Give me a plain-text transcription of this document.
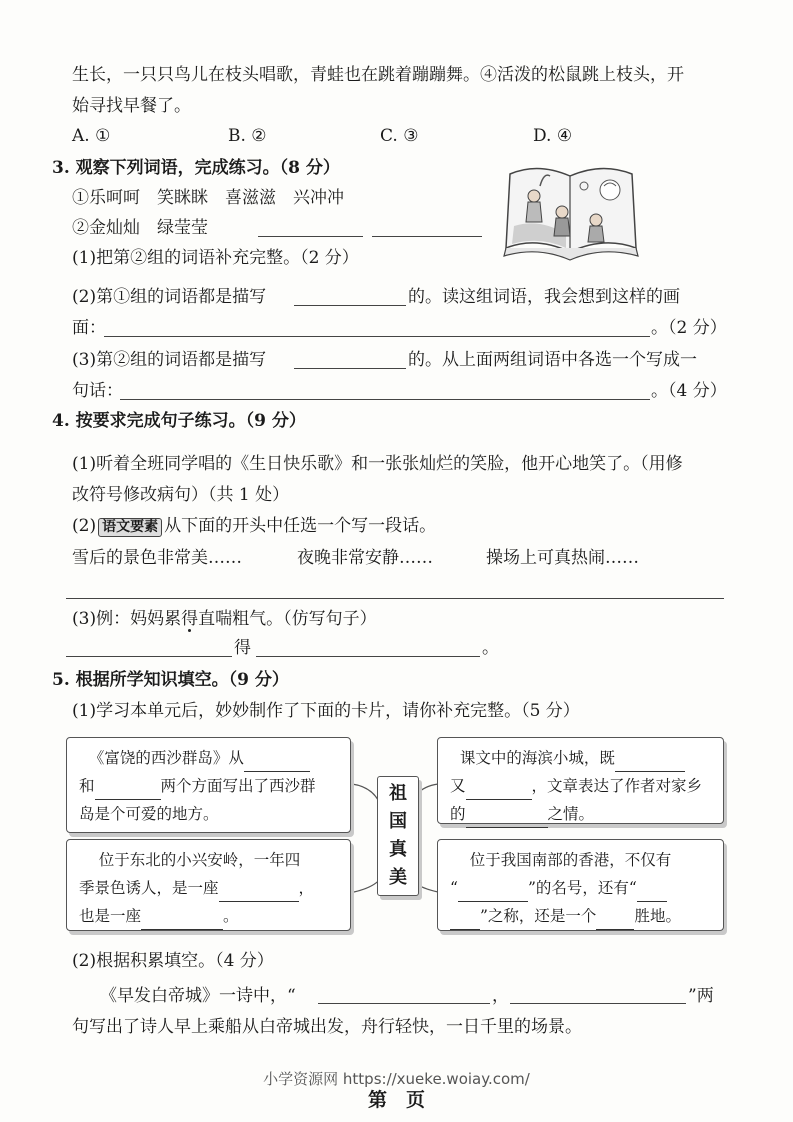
生长，一只只鸟儿在枝头唱歌，青蛙也在跳着蹦蹦舞。④活泼的松鼠跳上枝头，开
始寻找早餐了。
A. ①	B. ②	C. ③	D. ④
3. 观察下列词语，完成练习。（8 分）
①乐呵呵　笑眯眯　喜滋滋　兴冲冲
②金灿灿　绿莹莹
(1)把第②组的词语补充完整。（2 分）
(2)第①组的词语都是描写	的。读这组词语，我会想到这样的画
面：	。（2 分）
(3)第②组的词语都是描写	的。从上面两组词语中各选一个写成一
句话：	。（4 分）
4. 按要求完成句子练习。（9 分）
(1)听着全班同学唱的《生日快乐歌》和一张张灿烂的笑脸，他开心地笑了。（用修
改符号修改病句）（共 1 处）
(2) 语文要素 从下面的开头中任选一个写一段话。
雪后的景色非常美……	夜晚非常安静……	操场上可真热闹……
(3)例：妈妈累得直喘粗气。（仿写句子）
得	。
5. 根据所学知识填空。（9 分）
(1)学习本单元后，妙妙制作了下面的卡片，请你补充完整。（5 分）
《富饶的西沙群岛》从
和	两个方面写出了西沙群
岛是个可爱的地方。
课文中的海滨小城，既
又	，文章表达了作者对家乡
的	之情。
祖
国
真
美
位于东北的小兴安岭，一年四
季景色诱人，是一座	，
也是一座	。
位于我国南部的香港，不仅有
“	”的名号，还有“
”之称，还是一个 胜地。
(2)根据积累填空。（4 分）
《早发白帝城》一诗中，“	，	”两
句写出了诗人早上乘船从白帝城出发，舟行轻快，一日千里的场景。
小学资源网 https://xueke.woiay.com/
第　页
